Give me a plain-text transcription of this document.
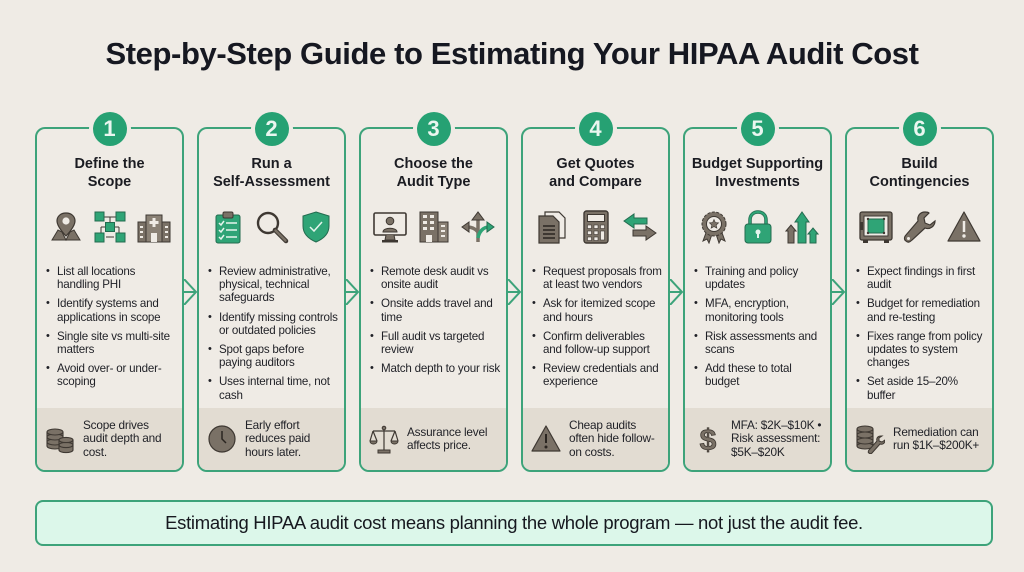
Step-by-Step Guide to Estimating Your HIPAA Audit Cost
1
Define the
Scope
• List all locations handling PHI
• Identify systems and applications in scope
• Single site vs multi-site matters
• Avoid over- or under-scoping
Scope drives audit depth and cost.
2
Run a
Self-Assessment
• Review administrative, physical, technical safeguards
• Identify missing controls or outdated policies
• Spot gaps before paying auditors
• Uses internal time, not cash
Early effort reduces paid hours later.
3
Choose the
Audit Type
• Remote desk audit vs onsite audit
• Onsite adds travel and time
• Full audit vs targeted review
• Match depth to your risk
Assurance level affects price.
4
Get Quotes
and Compare
• Request proposals from at least two vendors
• Ask for itemized scope and hours
• Confirm deliverables and follow-up support
• Review credentials and experience
Cheap audits often hide follow-on costs.
5
Budget Supporting
Investments
• Training and policy updates
• MFA, encryption, monitoring tools
• Risk assessments and scans
• Add these to total budget
$ MFA: $2K–$10K • Risk assessment: $5K–$20K
6
Build
Contingencies
• Expect findings in first audit
• Budget for remediation and re-testing
• Fixes range from policy updates to system changes
• Set aside 15–20% buffer
Remediation can run $1K–$200K+
Estimating HIPAA audit cost means planning the whole program — not just the audit fee.
